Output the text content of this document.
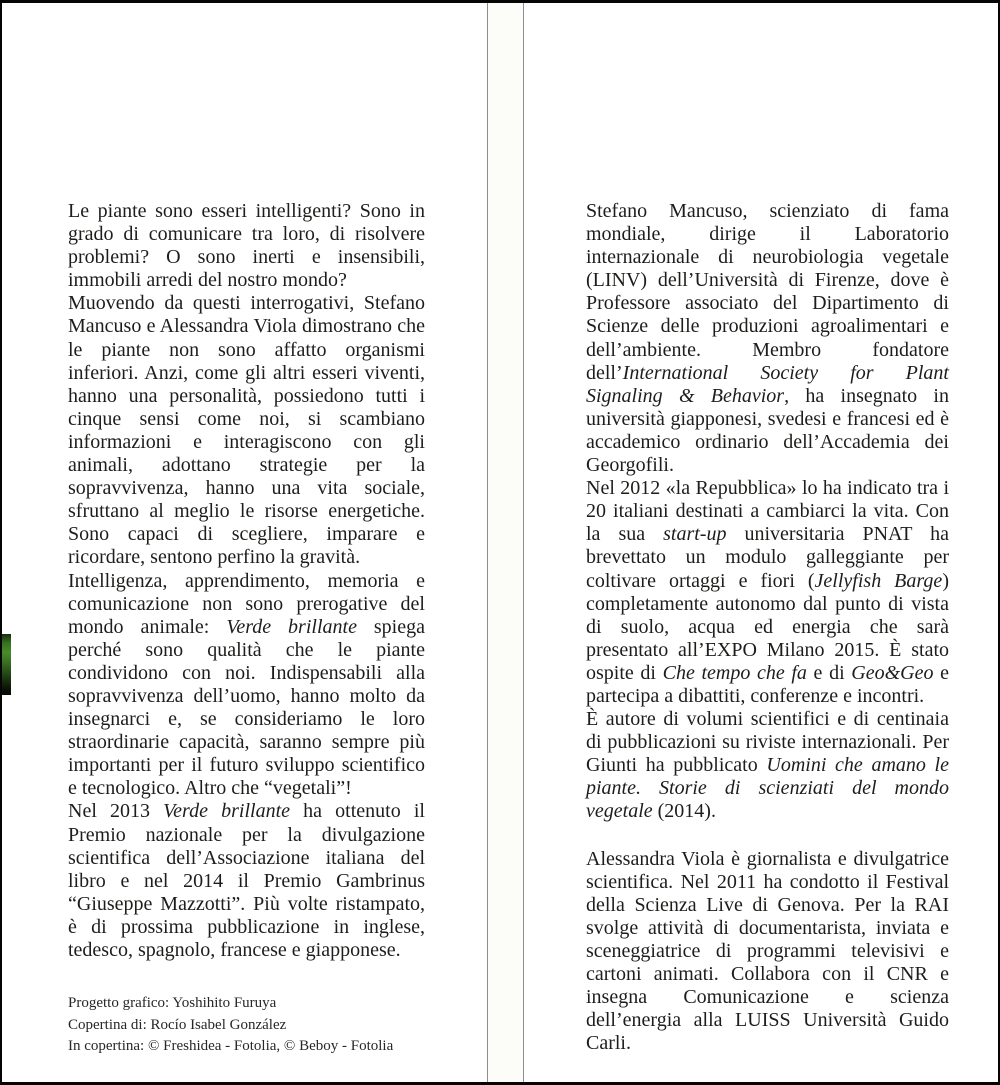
Le piante sono esseri intelligenti? Sono in grado di comunicare tra loro, di risolvere problemi? O sono inerti e insensibili, immobili arredi del nostro mondo?

Muovendo da questi interrogativi, Stefano Mancuso e Alessandra Viola dimostrano che le piante non sono affatto organismi inferiori. Anzi, come gli altri esseri viventi, hanno una personalità, possiedono tutti i cinque sensi come noi, si scambiano informazioni e interagiscono con gli animali, adottano strategie per la sopravvivenza, hanno una vita sociale, sfruttano al meglio le risorse energetiche. Sono capaci di scegliere, imparare e ricordare, sentono perfino la gravità.

Intelligenza, apprendimento, memoria e comunicazione non sono prerogative del mondo animale: Verde brillante spiega perché sono qualità che le piante condividono con noi. Indispensabili alla sopravvivenza dell’uomo, hanno molto da insegnarci e, se consideriamo le loro straordinarie capacità, saranno sempre più importanti per il futuro sviluppo scientifico e tecnologico. Altro che “vegetali”!

Nel 2013 Verde brillante ha ottenuto il Premio nazionale per la divulgazione scientifica dell’Associazione italiana del libro e nel 2014 il Premio Gambrinus “Giuseppe Mazzotti”. Più volte ristampato, è di prossima pubblicazione in inglese, tedesco, spagnolo, francese e giapponese.

Progetto grafico: Yoshihito Furuya
Copertina di: Rocío Isabel González
In copertina: © Freshidea - Fotolia, © Beboy - Fotolia

Stefano Mancuso, scienziato di fama mondiale, dirige il Laboratorio internazionale di neurobiologia vegetale (LINV) dell’Università di Firenze, dove è Professore associato del Dipartimento di Scienze delle produzioni agroalimentari e dell’ambiente. Membro fondatore dell’International Society for Plant Signaling & Behavior, ha insegnato in università giapponesi, svedesi e francesi ed è accademico ordinario dell’Accademia dei Georgofili.

Nel 2012 «la Repubblica» lo ha indicato tra i 20 italiani destinati a cambiarci la vita. Con la sua start-up universitaria PNAT ha brevettato un modulo galleggiante per coltivare ortaggi e fiori (Jellyfish Barge) completamente autonomo dal punto di vista di suolo, acqua ed energia che sarà presentato all’EXPO Milano 2015. È stato ospite di Che tempo che fa e di Geo&Geo e partecipa a dibattiti, conferenze e incontri.

È autore di volumi scientifici e di centinaia di pubblicazioni su riviste internazionali. Per Giunti ha pubblicato Uomini che amano le piante. Storie di scienziati del mondo vegetale (2014).

Alessandra Viola è giornalista e divulgatrice scientifica. Nel 2011 ha condotto il Festival della Scienza Live di Genova. Per la RAI svolge attività di documentarista, inviata e sceneggiatrice di programmi televisivi e cartoni animati. Collabora con il CNR e insegna Comunicazione e scienza dell’energia alla LUISS Università Guido Carli.
